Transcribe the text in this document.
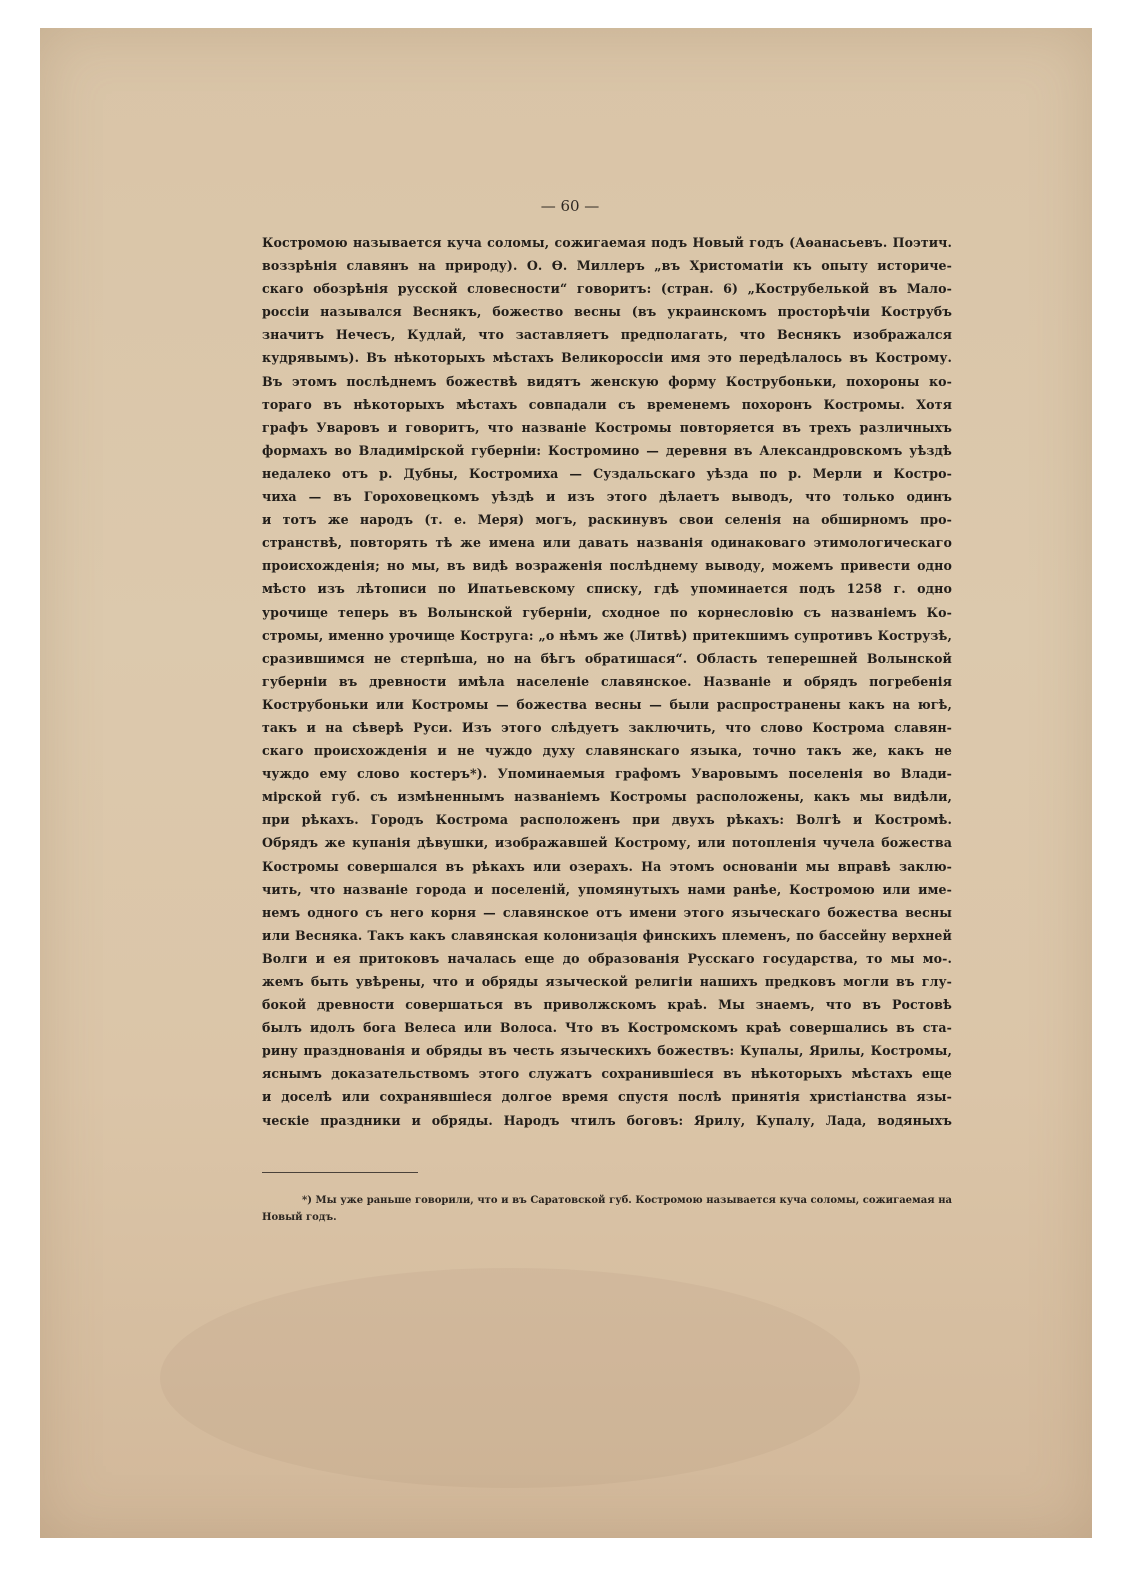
— 60 —
Костромою называется куча соломы, сожигаемая подъ Новый годъ (Аѳанасьевъ. Поэтич.
воззрѣнія славянъ на природу). О. Ѳ. Миллеръ „въ Христоматіи къ опыту историче-
скаго обозрѣнія русской словесности“ говоритъ: (стран. 6) „Кострубелькой въ Мало-
россіи назывался Веснякъ, божество весны (въ украинскомъ просторѣчіи Кострубъ
значитъ Нечесъ, Кудлай, что заставляетъ предполагать, что Веснякъ изображался
кудрявымъ). Въ нѣкоторыхъ мѣстахъ Великороссіи имя это передѣлалось въ Кострому.
Въ этомъ послѣднемъ божествѣ видятъ женскую форму Кострубоньки, похороны ко-
тораго въ нѣкоторыхъ мѣстахъ совпадали съ временемъ похоронъ Костромы. Хотя
графъ Уваровъ и говоритъ, что названіе Костромы повторяется въ трехъ различныхъ
формахъ во Владимірской губерніи: Костромино — деревня въ Александровскомъ уѣздѣ
недалеко отъ р. Дубны, Костромиха — Суздальскаго уѣзда по р. Мерли и Костро-
чиха — въ Гороховецкомъ уѣздѣ и изъ этого дѣлаетъ выводъ, что только одинъ
и тотъ же народъ (т. е. Меря) могъ, раскинувъ свои селенія на обширномъ про-
странствѣ, повторять тѣ же имена или давать названія одинаковаго этимологическаго
происхожденія; но мы, въ видѣ возраженія послѣднему выводу, можемъ привести одно
мѣсто изъ лѣтописи по Ипатьевскому списку, гдѣ упоминается подъ 1258 г. одно
урочище теперь въ Волынской губерніи, сходное по корнесловію съ названіемъ Ко-
стромы, именно урочище Коструга: „о нѣмъ же (Литвѣ) притекшимъ супротивъ Кострузѣ,
сразившимся не стерпѣша, но на бѣгъ обратишася“. Область теперешней Волынской
губерніи въ древности имѣла населеніе славянское. Названіе и обрядъ погребенія
Кострубоньки или Костромы — божества весны — были распространены какъ на югѣ,
такъ и на сѣверѣ Руси. Изъ этого слѣдуетъ заключить, что слово Кострома славян-
скаго происхожденія и не чуждо духу славянскаго языка, точно такъ же, какъ не
чуждо ему слово костеръ*). Упоминаемыя графомъ Уваровымъ поселенія во Влади-
мірской губ. съ измѣненнымъ названіемъ Костромы расположены, какъ мы видѣли,
при рѣкахъ. Городъ Кострома расположенъ при двухъ рѣкахъ: Волгѣ и Костромѣ.
Обрядъ же купанія дѣвушки, изображавшей Кострому, или потопленія чучела божества
Костромы совершался въ рѣкахъ или озерахъ. На этомъ основаніи мы вправѣ заклю-
чить, что названіе города и поселеній, упомянутыхъ нами ранѣе, Костромою или име-
немъ одного съ него корня — славянское отъ имени этого языческаго божества весны
или Весняка. Такъ какъ славянская колонизація финскихъ племенъ, по бассейну верхней
Волги и ея притоковъ началась еще до образованія Русскаго государства, то мы мо-.
жемъ быть увѣрены, что и обряды языческой религіи нашихъ предковъ могли въ глу-
бокой древности совершаться въ приволжскомъ краѣ. Мы знаемъ, что въ Ростовѣ
былъ идолъ бога Велеса или Волоса. Что въ Костромскомъ краѣ совершались въ ста-
рину празднованія и обряды въ честь языческихъ божествъ: Купалы, Ярилы, Костромы,
яснымъ доказательствомъ этого служатъ сохранившіеся въ нѣкоторыхъ мѣстахъ еще
и доселѣ или сохранявшіеся долгое время спустя послѣ принятія христіанства язы-
ческіе праздники и обряды. Народъ чтилъ боговъ: Ярилу, Купалу, Лада, водяныхъ
*) Мы уже раньше говорили, что и въ Саратовской губ. Костромою называется куча соломы, сожигаемая на
Новый годъ.
